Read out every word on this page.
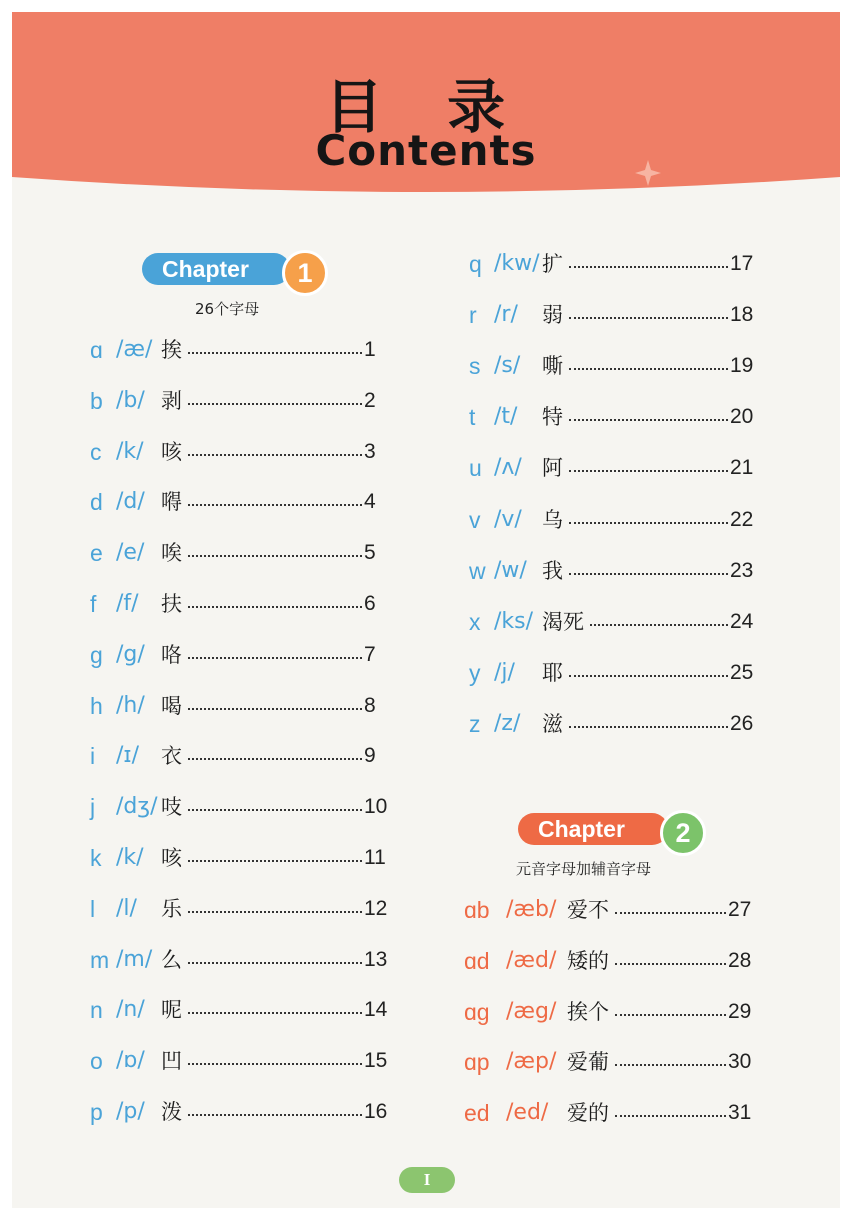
目 录
Contents
Chapter	1
26个字母
Chapter	2
元音字母加辅音字母
ɑ /æ/ 挨	1
b /b/ 剥	2
c /k/ 咳	3
d /d/ 嘚	4
e /e/ 唉	5
f /f/ 扶	6
g /g/ 咯	7
h /h/ 喝	8
i /ɪ/ 衣	9
j /dʒ/ 吱	10
k /k/ 咳	11
l /l/ 乐	12
m /m/ 么	13
n /n/ 呢	14
o /ɒ/ 凹	15
p /p/ 泼	16
q /kw/ 扩	17
r /r/ 弱	18
s /s/ 嘶	19
t /t/ 特	20
u /ʌ/ 阿	21
v /v/ 乌	22
w /w/ 我	23
x /ks/ 渴死	24
y /j/ 耶	25
z /z/ 滋	26
ɑb /æb/ 爱不	27
ɑd /æd/ 矮的	28
ɑg /æg/ 挨个	29
ɑp /æp/ 爱葡	30
ed /ed/ 爱的	31
I
